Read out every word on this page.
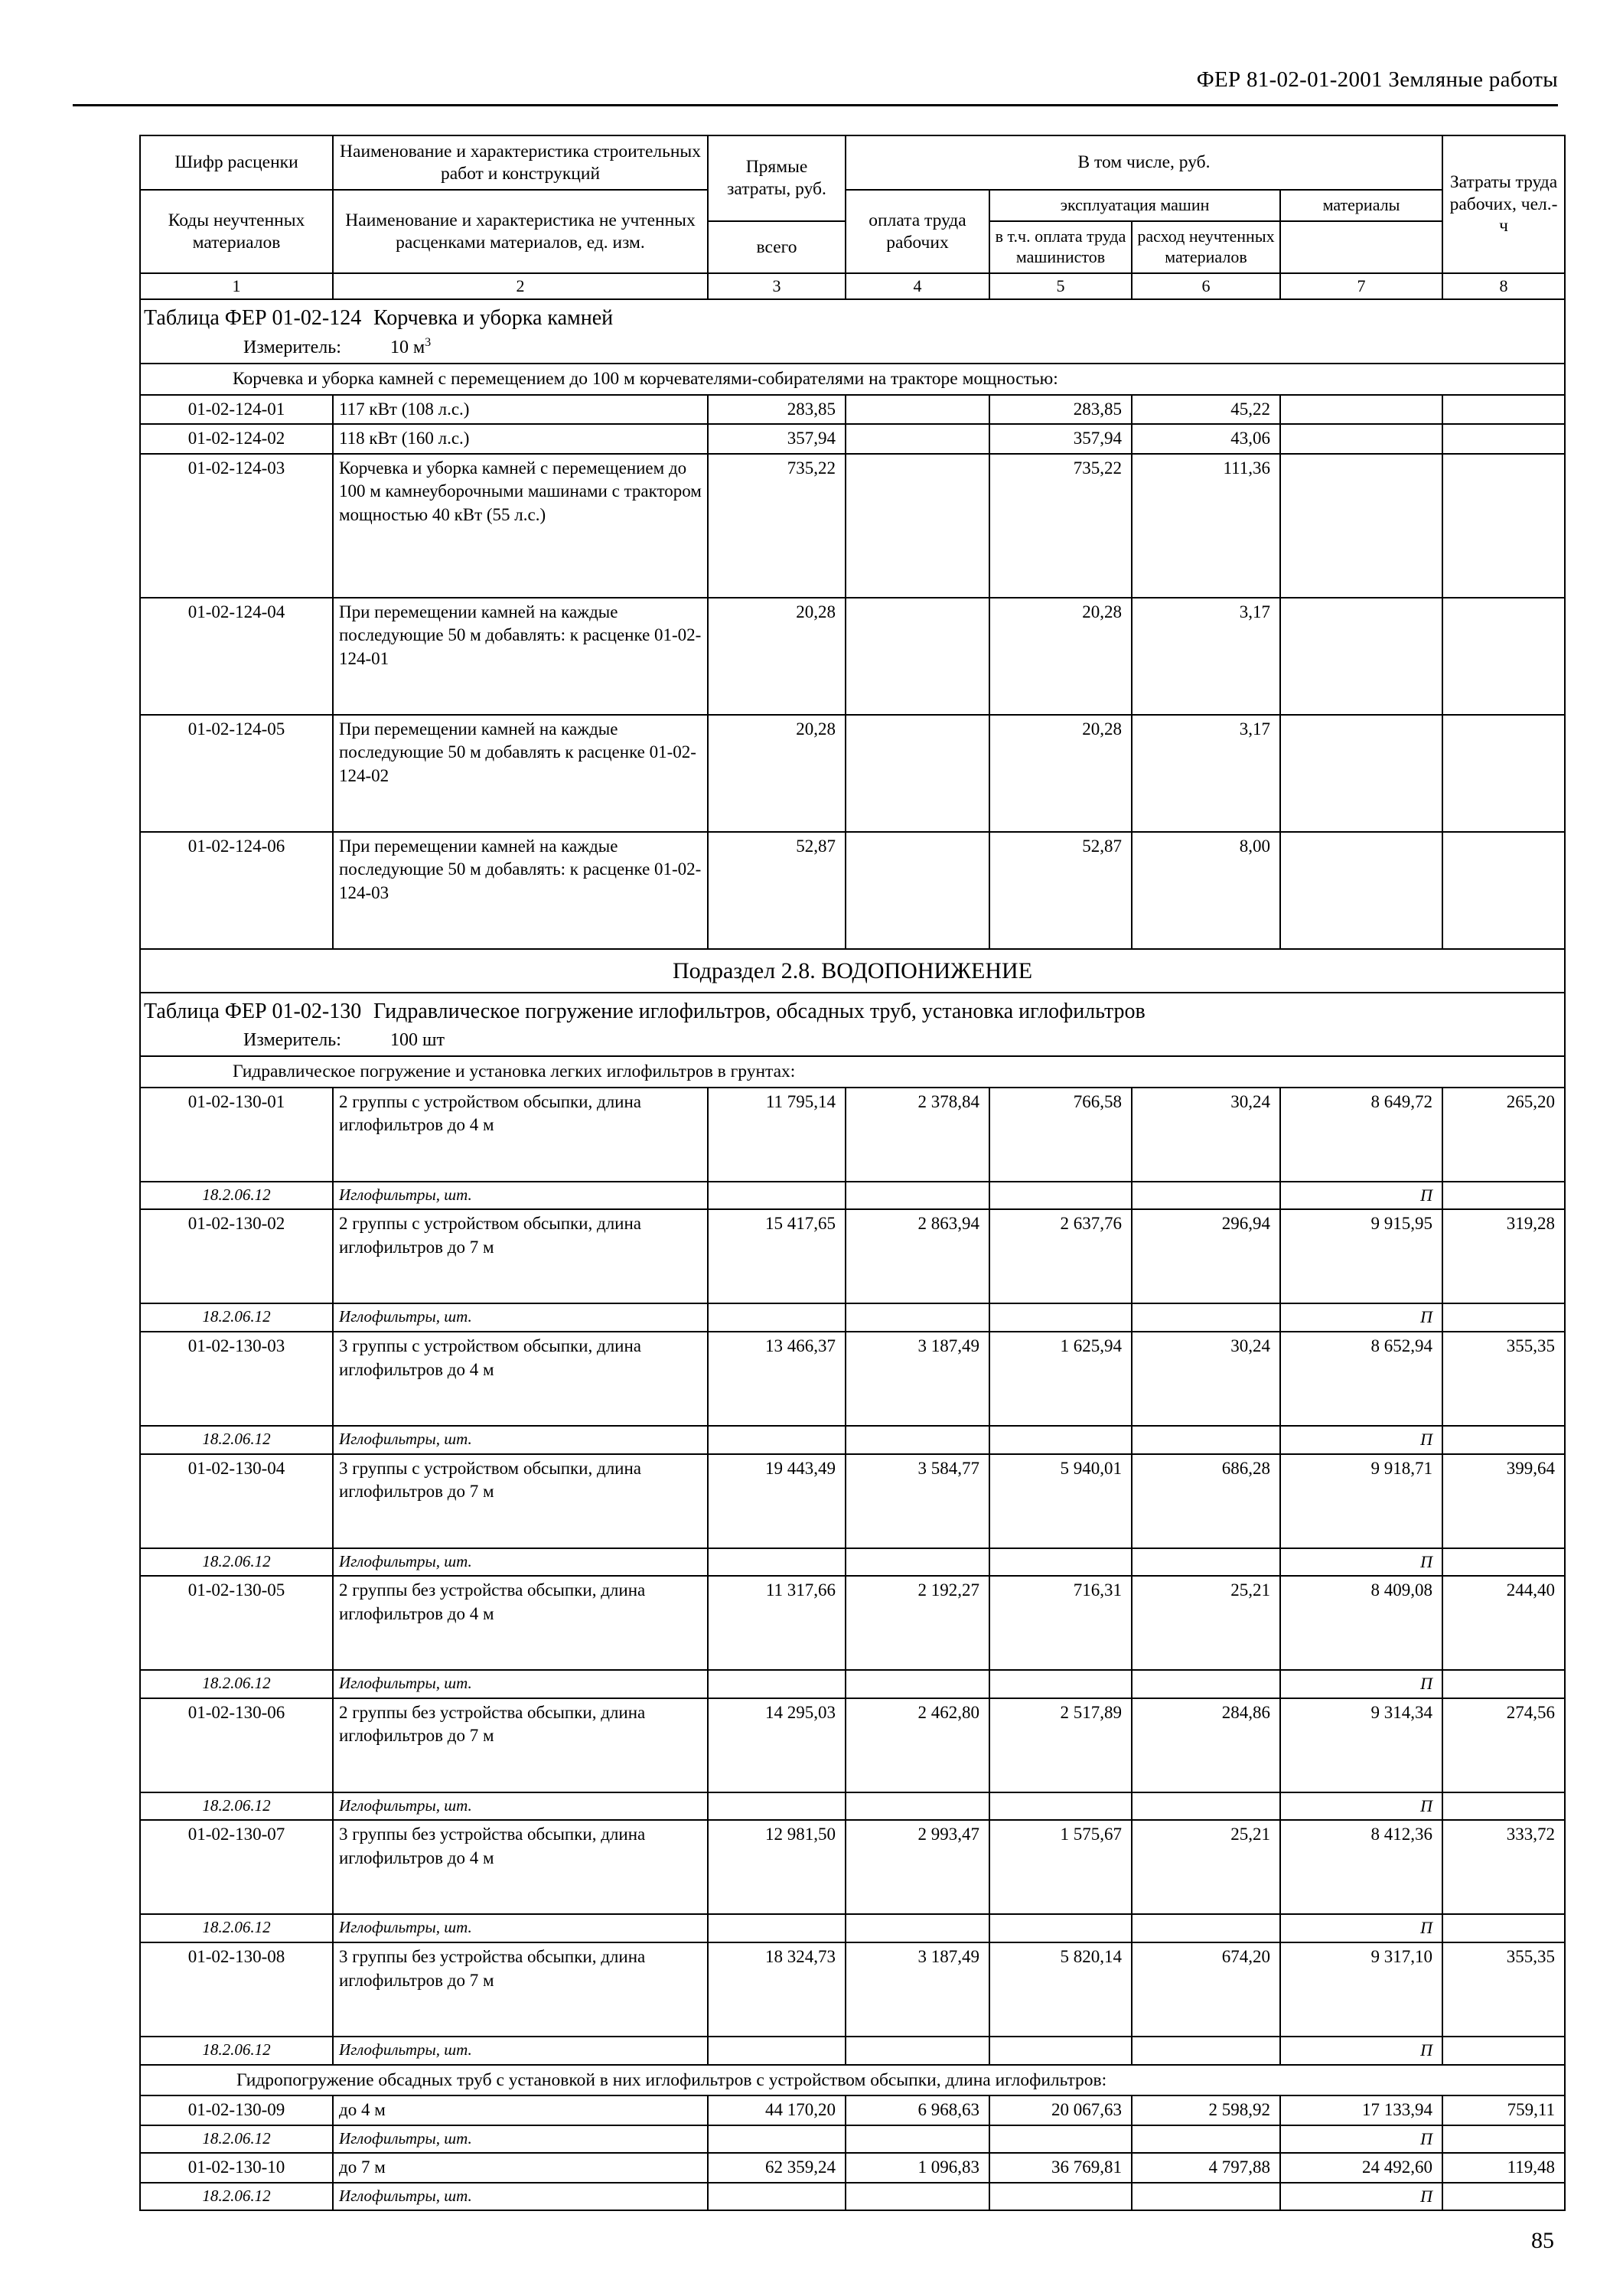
ФЕР 81-02-01-2001 Земляные работы
Шифр расценки	Наименование и характеристика строительных работ и конструкций	Прямые затраты, руб.	В том числе, руб.				Затраты труда рабочих, чел.-ч
Коды неучтенных материалов	Наименование и характеристика не учтенных расценками материалов, ед. изм.		оплата труда рабочих	эксплуатация машин		материалы	
		всего		в т.ч. оплата труда машинистов	расход неучтенных материалов		
1	2	3	4	5	6	7	8
Таблица ФЕР 01-02-124 Корчевка и уборка камней
Измеритель: 10 $м^3$

Корчевка и уборка камней с перемещением до 100 м корчевателями-собирателями на тракторе мощностью:							
01-02-124-01	117 кВт (108 л.с.)	283,85		283,85	45,22		
01-02-124-02	118 кВт (160 л.с.)	357,94		357,94	43,06		
01-02-124-03	Корчевка и уборка камней с перемещением до 100 м камнеуборочными машинами с трактором мощностью 40 кВт (55 л.с.)	735,22		735,22	111,36		
01-02-124-04	При перемещении камней на каждые последующие 50 м добавлять: к расценке 01-02-124-01	20,28		20,28	3,17		
01-02-124-05	При перемещении камней на каждые последующие 50 м добавлять к расценке 01-02-124-02	20,28		20,28	3,17		
01-02-124-06	При перемещении камней на каждые последующие 50 м добавлять: к расценке 01-02-124-03	52,87		52,87	8,00		
Подраздел 2.8. ВОДОПОНИЖЕНИЕ							
Таблица ФЕР 01-02-130 Гидравлическое погружение иглофильтров, обсадных труб, установка иглофильтров
Измеритель: 100 шт							

Гидравлическое погружение и установка легких иглофильтров в грунтах:							
01-02-130-01	2 группы с устройством обсыпки, длина иглофильтров до 4 м	11 795,14	2 378,84	766,58	30,24	8 649,72	265,20
18.2.06.12	Иглофильтры, шт.					П	
01-02-130-02	2 группы с устройством обсыпки, длина иглофильтров до 7 м	15 417,65	2 863,94	2 637,76	296,94	9 915,95	319,28
18.2.06.12	Иглофильтры, шт.					П	
01-02-130-03	3 группы с устройством обсыпки, длина иглофильтров до 4 м	13 466,37	3 187,49	1 625,94	30,24	8 652,94	355,35
18.2.06.12	Иглофильтры, шт.					П	
01-02-130-04	3 группы с устройством обсыпки, длина иглофильтров до 7 м	19 443,49	3 584,77	5 940,01	686,28	9 918,71	399,64
18.2.06.12	Иглофильтры, шт.					П	
01-02-130-05	2 группы без устройства обсыпки, длина иглофильтров до 4 м	11 317,66	2 192,27	716,31	25,21	8 409,08	244,40
18.2.06.12	Иглофильтры, шт.					П	
01-02-130-06	2 группы без устройства обсыпки, длина иглофильтров до 7 м	14 295,03	2 462,80	2 517,89	284,86	9 314,34	274,56
18.2.06.12	Иглофильтры, шт.					П	
01-02-130-07	3 группы без устройства обсыпки, длина иглофильтров до 4 м	12 981,50	2 993,47	1 575,67	25,21	8 412,36	333,72
18.2.06.12	Иглофильтры, шт.					П	
01-02-130-08	3 группы без устройства обсыпки, длина иглофильтров до 7 м	18 324,73	3 187,49	5 820,14	674,20	9 317,10	355,35
18.2.06.12	Иглофильтры, шт.					П	
Гидропогружение обсадных труб с установкой в них иглофильтров с устройством обсыпки, длина иглофильтров:							
01-02-130-09	до 4 м	44 170,20	6 968,63	20 067,63	2 598,92	17 133,94	759,11
18.2.06.12	Иглофильтры, шт.					П	
01-02-130-10	до 7 м	62 359,24	1 096,83	36 769,81	4 797,88	24 492,60	119,48
18.2.06.12	Иглофильтры, шт.					П	
85
